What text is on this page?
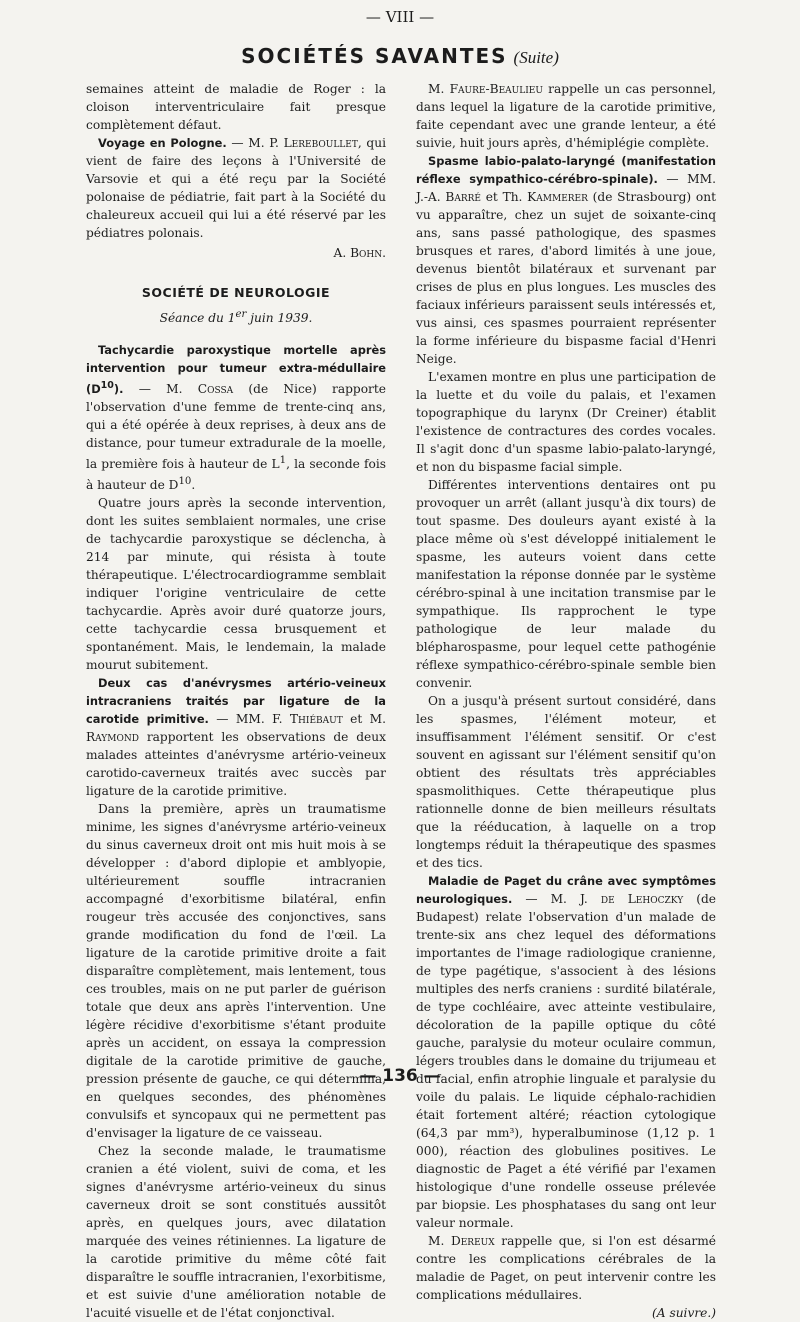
— VIII —
SOCIÉTÉS SAVANTES (Suite)

semaines atteint de maladie de Roger : la cloison interventriculaire fait presque complètement défaut.

Voyage en Pologne. — M. P. Lereboullet, qui vient de faire des leçons à l'Université de Varsovie et qui a été reçu par la Société polonaise de pédiatrie, fait part à la Société du chaleureux accueil qui lui a été réservé par les pédiatres polonais.

A. Bohn.
SOCIÉTÉ DE NEUROLOGIE
Séance du 1er juin 1939.

Tachycardie paroxystique mortelle après intervention pour tumeur extra-médullaire $(D^{10})$. — M. Cossa (de Nice) rapporte l'observation d'une femme de trente-cinq ans, qui a été opérée à deux reprises, à deux ans de distance, pour tumeur extradurale de la moelle, la première fois à hauteur de $L^1$, la seconde fois à hauteur de $D^{10}$.

Quatre jours après la seconde intervention, dont les suites semblaient normales, une crise de tachycardie paroxystique se déclencha, à 214 par minute, qui résista à toute thérapeutique. L'électrocardiogramme semblait indiquer l'origine ventriculaire de cette tachycardie. Après avoir duré quatorze jours, cette tachycardie cessa brusquement et spontanément. Mais, le lendemain, la malade mourut subitement.

Deux cas d'anévrysmes artério-veineux intracraniens traités par ligature de la carotide primitive. — MM. F. Thiébaut et M. Raymond rapportent les observations de deux malades atteintes d'anévrysme artério-veineux carotido-caverneux traités avec succès par ligature de la carotide primitive.

Dans la première, après un traumatisme minime, les signes d'anévrysme artério-veineux du sinus caverneux droit ont mis huit mois à se développer : d'abord diplopie et amblyopie, ultérieurement souffle intracranien accompagné d'exorbitisme bilatéral, enfin rougeur très accusée des conjonctives, sans grande modification du fond de l'œil. La ligature de la carotide primitive droite a fait disparaître complètement, mais lentement, tous ces troubles, mais on ne put parler de guérison totale que deux ans après l'intervention. Une légère récidive d'exorbitisme s'étant produite après un accident, on essaya la compression digitale de la carotide primitive de gauche, pression présente de gauche, ce qui détermina, en quelques secondes, des phénomènes convulsifs et syncopaux qui ne permettent pas d'envisager la ligature de ce vaisseau.

Chez la seconde malade, le traumatisme cranien a été violent, suivi de coma, et les signes d'anévrysme artério-veineux du sinus caverneux droit se sont constitués aussitôt après, en quelques jours, avec dilatation marquée des veines rétiniennes. La ligature de la carotide primitive du même côté fait disparaître le souffle intracranien, l'exorbitisme, et est suivie d'une amélioration notable de l'acuité visuelle et de l'état conjonctival.

M. Faure-Beaulieu rappelle un cas personnel, dans lequel la ligature de la carotide primitive, faite cependant avec une grande lenteur, a été suivie, huit jours après, d'hémiplégie complète.

Spasme labio-palato-laryngé (manifestation réflexe sympathico-cérébro-spinale). — MM. J.-A. Barré et Th. Kammerer (de Strasbourg) ont vu apparaître, chez un sujet de soixante-cinq ans, sans passé pathologique, des spasmes brusques et rares, d'abord limités à une joue, devenus bientôt bilatéraux et survenant par crises de plus en plus longues. Les muscles des faciaux inférieurs paraissent seuls intéressés et, vus ainsi, ces spasmes pourraient représenter la forme inférieure du bispasme facial d'Henri Neige.

L'examen montre en plus une participation de la luette et du voile du palais, et l'examen topographique du larynx (Dr Creiner) établit l'existence de contractures des cordes vocales. Il s'agit donc d'un spasme labio-palato-laryngé, et non du bispasme facial simple.

Différentes interventions dentaires ont pu provoquer un arrêt (allant jusqu'à dix tours) de tout spasme. Des douleurs ayant existé à la place même où s'est développé initialement le spasme, les auteurs voient dans cette manifestation la réponse donnée par le système cérébro-spinal à une incitation transmise par le sympathique. Ils rapprochent le type pathologique de leur malade du blépharospasme, pour lequel cette pathogénie réflexe sympathico-cérébro-spinale semble bien convenir.

On a jusqu'à présent surtout considéré, dans les spasmes, l'élément moteur, et insuffisamment l'élément sensitif. Or c'est souvent en agissant sur l'élément sensitif qu'on obtient des résultats très appréciables spasmolithiques. Cette thérapeutique plus rationnelle donne de bien meilleurs résultats que la rééducation, à laquelle on a trop longtemps réduit la thérapeutique des spasmes et des tics.

Maladie de Paget du crâne avec symptômes neurologiques. — M. J. de Lehoczky (de Budapest) relate l'observation d'un malade de trente-six ans chez lequel des déformations importantes de l'image radiologique cranienne, de type pagétique, s'associent à des lésions multiples des nerfs craniens : surdité bilatérale, de type cochléaire, avec atteinte vestibulaire, décoloration de la papille optique du côté gauche, paralysie du moteur oculaire commun, légers troubles dans le domaine du trijumeau et du facial, enfin atrophie linguale et paralysie du voile du palais. Le liquide céphalo-rachidien était fortement altéré; réaction cytologique (64,3 par mm³), hyperalbuminose (1,12 p. 1 000), réaction des globulines positives. Le diagnostic de Paget a été vérifié par l'examen histologique d'une rondelle osseuse prélevée par biopsie. Les phosphatases du sang ont leur valeur normale.

M. Dereux rappelle que, si l'on est désarmé contre les complications cérébrales de la maladie de Paget, on peut intervenir contre les complications médullaires.

(A suivre.)
— 136 —
